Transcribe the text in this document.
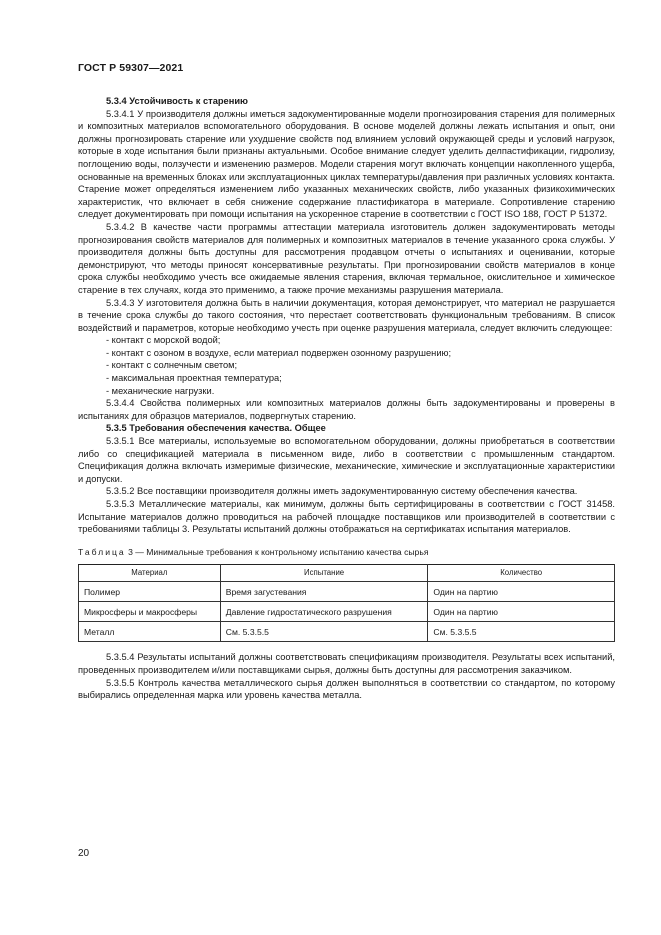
ГОСТ Р 59307—2021

5.3.4 Устойчивость к старению

5.3.4.1 У производителя должны иметься задокументированные модели прогнозирования старения для полимерных и композитных материалов вспомогательного оборудования. В основе моделей должны лежать испытания и опыт, они должны прогнозировать старение или ухудшение свойств под влиянием условий окружающей среды и условий нагрузок, которые в ходе испытания были признаны актуальными. Особое внимание следует уделить делпастификации, гидролизу, поглощению воды, ползучести и изменению размеров. Модели старения могут включать концепции накопленного ущерба, основанные на временных блоках или эксплуатационных циклах температуры/давления при различных условиях контакта. Старение может определяться изменением либо указанных механических свойств, либо указанных физикохимических характеристик, что включает в себя снижение содержание пластификатора в материале. Сопротивление старению следует документировать при помощи испытания на ускоренное старение в соответствии с ГОСТ ISO 188, ГОСТ Р 51372.

5.3.4.2 В качестве части программы аттестации материала изготовитель должен задокументировать методы прогнозирования свойств материалов для полимерных и композитных материалов в течение указанного срока службы. У производителя должны быть доступны для рассмотрения продавцом отчеты о испытаниях и оценивании, которые демонстрируют, что методы приносят консервативные результаты. При прогнозировании свойств материалов в конце срока службы необходимо учесть все ожидаемые явления старения, включая термальное, окислительное и химическое старение в тех случаях, когда это применимо, а также прочие механизмы разрушения материала.

5.3.4.3 У изготовителя должна быть в наличии документация, которая демонстрирует, что материал не разрушается в течение срока службы до такого состояния, что перестает соответствовать функциональным требованиям. В список воздействий и параметров, которые необходимо учесть при оценке разрушения материала, следует включить следующее:

- контакт с морской водой;

- контакт с озоном в воздухе, если материал подвержен озонному разрушению;

- контакт с солнечным светом;

- максимальная проектная температура;

- механические нагрузки.

5.3.4.4 Свойства полимерных или композитных материалов должны быть задокументированы и проверены в испытаниях для образцов материалов, подвергнутых старению.

5.3.5 Требования обеспечения качества. Общее

5.3.5.1 Все материалы, используемые во вспомогательном оборудовании, должны приобретаться в соответствии либо со спецификацией материала в письменном виде, либо в соответствии с промышленным стандартом. Спецификация должна включать измеримые физические, механические, химические и эксплуатационные характеристики и допуски.

5.3.5.2 Все поставщики производителя должны иметь задокументированную систему обеспечения качества.

5.3.5.3 Металлические материалы, как минимум, должны быть сертифицированы в соответствии с ГОСТ 31458. Испытание материалов должно проводиться на рабочей площадке поставщиков или производителей в соответствии с требованиями таблицы 3. Результаты испытаний должны отображаться на сертификатах испытания материалов.

Таблица 3 — Минимальные требования к контрольному испытанию качества сырья

Материал	Испытание	Количество
Полимер	Время загустевания	Один на партию
Микросферы и макросферы	Давление гидростатического разрушения	Один на партию
Металл	См. 5.3.5.5	См. 5.3.5.5

5.3.5.4 Результаты испытаний должны соответствовать спецификациям производителя. Результаты всех испытаний, проведенных производителем и/или поставщиками сырья, должны быть доступны для рассмотрения заказчиком.

5.3.5.5 Контроль качества металлического сырья должен выполняться в соответствии со стандартом, по которому выбирались определенная марка или уровень качества металла.

20
